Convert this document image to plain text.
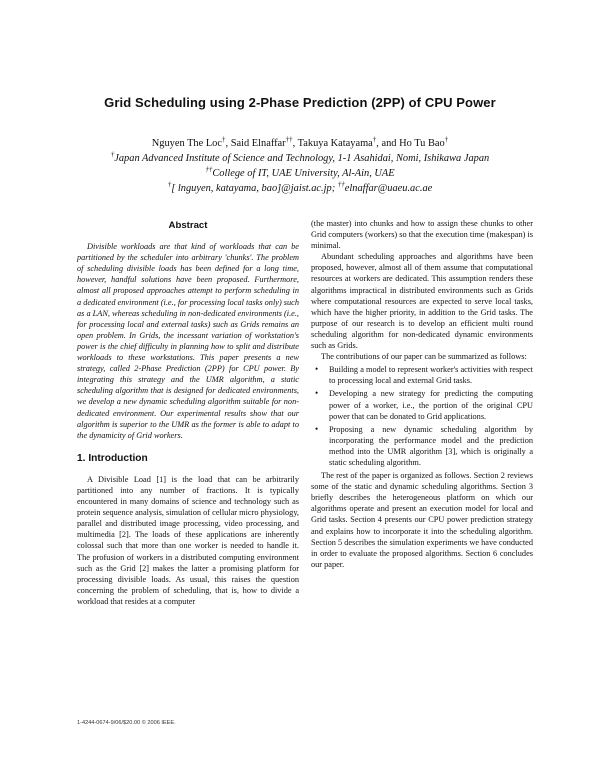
Grid Scheduling using 2-Phase Prediction (2PP) of CPU Power
Nguyen The Loc†, Said Elnaffar††, Takuya Katayama†, and Ho Tu Bao†
†Japan Advanced Institute of Science and Technology, 1-1 Asahidai, Nomi, Ishikawa Japan
††College of IT, UAE University, Al-Ain, UAE
†[ lnguyen, katayama, bao]@jaist.ac.jp; ††elnaffar@uaeu.ac.ae
Abstract

Divisible workloads are that kind of workloads that can be partitioned by the scheduler into arbitrary 'chunks'. The problem of scheduling divisible loads has been defined for a long time, however, handful solutions have been proposed. Furthermore, almost all proposed approaches attempt to perform scheduling in a dedicated environment (i.e., for processing local tasks only) such as a LAN, whereas scheduling in non-dedicated environments (i.e., for processing local and external tasks) such as Grids remains an open problem. In Grids, the incessant variation of workstation's power is the chief difficulty in planning how to split and distribute workloads to these workstations. This paper presents a new strategy, called 2-Phase Prediction (2PP) for CPU power. By integrating this strategy and the UMR algorithm, a static scheduling algorithm that is designed for dedicated environments, we develop a new dynamic scheduling algorithm suitable for non-dedicated environment. Our experimental results show that our algorithm is superior to the UMR as the former is able to adapt to the dynamicity of Grid workers.

1. Introduction

A Divisible Load [1] is the load that can be arbitrarily partitioned into any number of fractions. It is typically encountered in many domains of science and technology such as protein sequence analysis, simulation of cellular micro physiology, parallel and distributed image processing, video processing, and multimedia [2]. The loads of these applications are inherently colossal such that more than one worker is needed to handle it. The profusion of workers in a distributed computing environment such as the Grid [2] makes the latter a promising platform for processing divisible loads. As usual, this raises the question concerning the problem of scheduling, that is, how to divide a workload that resides at a computer

(the master) into chunks and how to assign these chunks to other Grid computers (workers) so that the execution time (makespan) is minimal.

Abundant scheduling approaches and algorithms have been proposed, however, almost all of them assume that computational resources at workers are dedicated. This assumption renders these algorithms impractical in distributed environments such as Grids where computational resources are expected to serve local tasks, which have the higher priority, in addition to the Grid tasks. The purpose of our research is to develop an efficient multi round scheduling algorithm for non-dedicated dynamic environments such as Grids.

The contributions of our paper can be summarized as follows:

• Building a model to represent worker's activities with respect to processing local and external Grid tasks.
• Developing a new strategy for predicting the computing power of a worker, i.e., the portion of the original CPU power that can be donated to Grid applications.
• Proposing a new dynamic scheduling algorithm by incorporating the performance model and the prediction method into the UMR algorithm [3], which is originally a static scheduling algorithm.

The rest of the paper is organized as follows. Section 2 reviews some of the static and dynamic scheduling algorithms. Section 3 briefly describes the heterogeneous platform on which our algorithms operate and present an execution model for local and Grid tasks. Section 4 presents our CPU power prediction strategy and explains how to incorporate it into the scheduling algorithm. Section 5 describes the simulation experiments we have conducted in order to evaluate the proposed algorithms. Section 6 concludes our paper.

1-4244-0674-9/06/$20.00 © 2006 IEEE.
